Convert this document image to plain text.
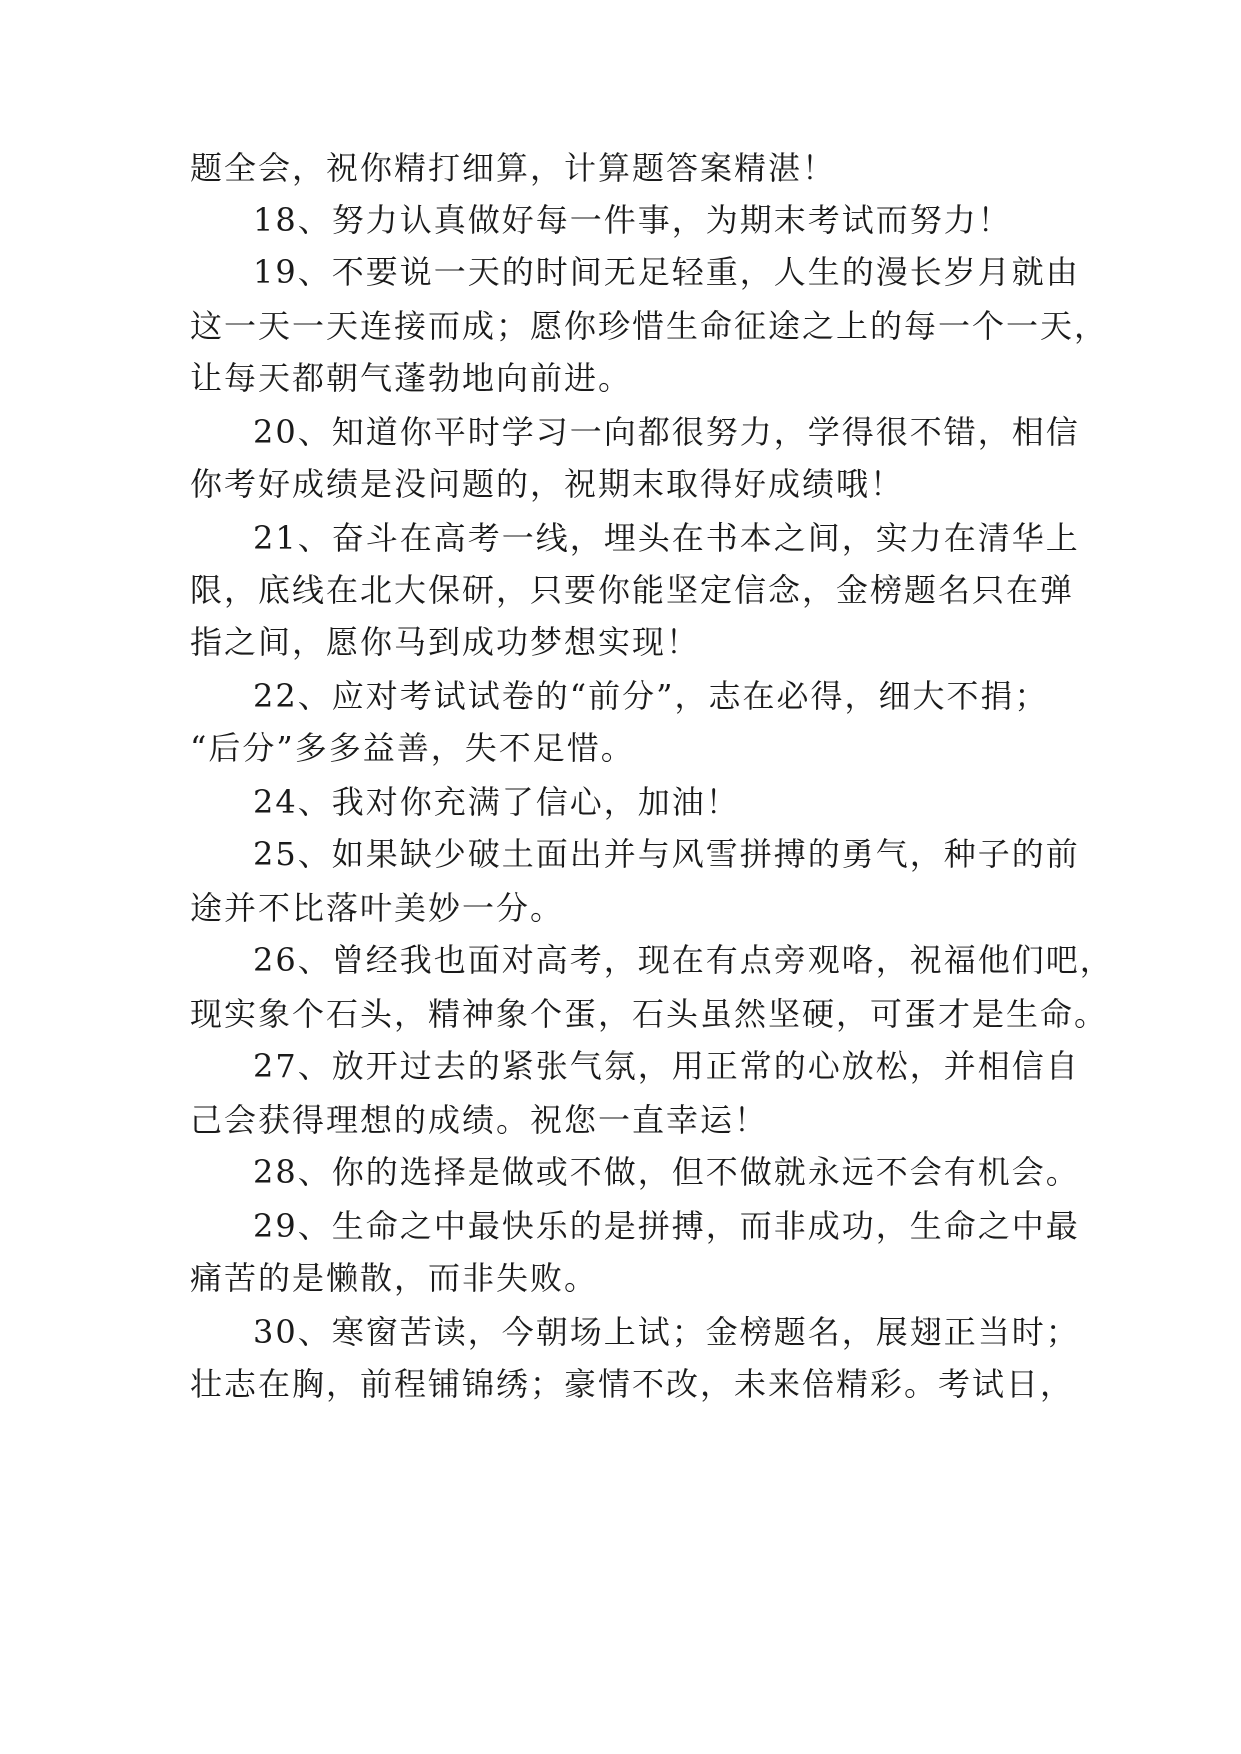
题全会，祝你精打细算，计算题答案精湛！
18、努力认真做好每一件事，为期末考试而努力！
19、不要说一天的时间无足轻重，人生的漫长岁月就由
这一天一天连接而成；愿你珍惜生命征途之上的每一个一天，
让每天都朝气蓬勃地向前进。
20、知道你平时学习一向都很努力，学得很不错，相信
你考好成绩是没问题的，祝期末取得好成绩哦！
21、奋斗在高考一线，埋头在书本之间，实力在清华上
限，底线在北大保研，只要你能坚定信念，金榜题名只在弹
指之间，愿你马到成功梦想实现！
22、应对考试试卷的“前分”，志在必得，细大不捐；
“后分”多多益善，失不足惜。
24、我对你充满了信心，加油！
25、如果缺少破土面出并与风雪拼搏的勇气，种子的前
途并不比落叶美妙一分。
26、曾经我也面对高考，现在有点旁观咯，祝福他们吧，
现实象个石头，精神象个蛋，石头虽然坚硬，可蛋才是生命。
27、放开过去的紧张气氛，用正常的心放松，并相信自
己会获得理想的成绩。祝您一直幸运！
28、你的选择是做或不做，但不做就永远不会有机会。
29、生命之中最快乐的是拼搏，而非成功，生命之中最
痛苦的是懒散，而非失败。
30、寒窗苦读，今朝场上试；金榜题名，展翅正当时；
壮志在胸，前程铺锦绣；豪情不改，未来倍精彩。考试日，
